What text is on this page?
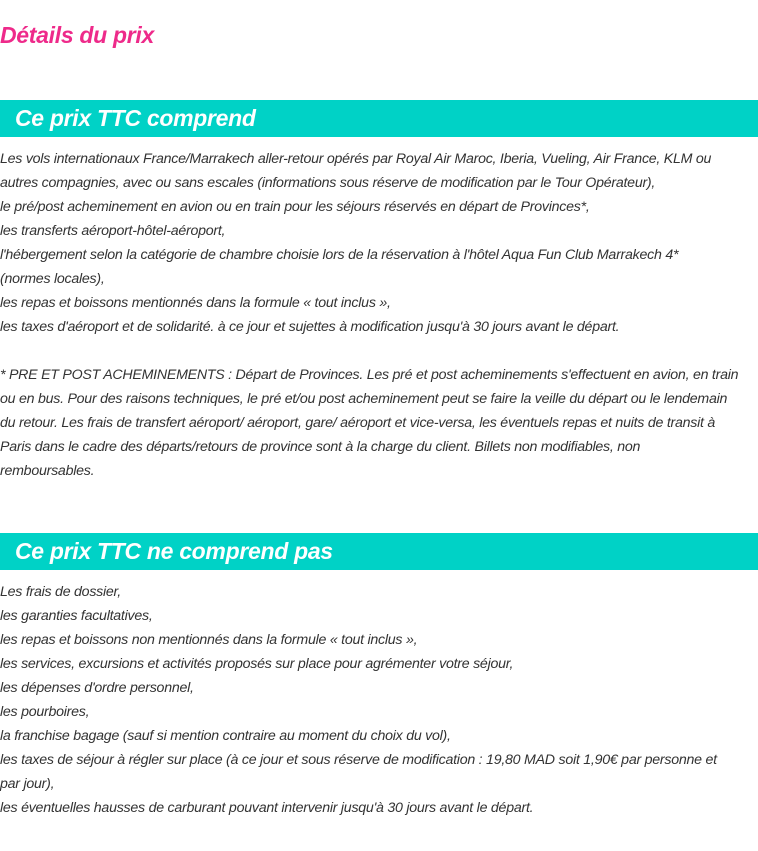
Détails du prix
Ce prix TTC comprend
Les vols internationaux France/Marrakech aller-retour opérés par Royal Air Maroc, Iberia, Vueling, Air France, KLM ou
autres compagnies, avec ou sans escales (informations sous réserve de modification par le Tour Opérateur),
le pré/post acheminement en avion ou en train pour les séjours réservés en départ de Provinces*,
les transferts aéroport-hôtel-aéroport,
l'hébergement selon la catégorie de chambre choisie lors de la réservation à l'hôtel Aqua Fun Club Marrakech 4*
(normes locales),
les repas et boissons mentionnés dans la formule « tout inclus »,
les taxes d'aéroport et de solidarité. à ce jour et sujettes à modification jusqu'à 30 jours avant le départ.
* PRE ET POST ACHEMINEMENTS : Départ de Provinces. Les pré et post acheminements s'effectuent en avion, en train
ou en bus. Pour des raisons techniques, le pré et/ou post acheminement peut se faire la veille du départ ou le lendemain
du retour. Les frais de transfert aéroport/ aéroport, gare/ aéroport et vice-versa, les éventuels repas et nuits de transit à
Paris dans le cadre des départs/retours de province sont à la charge du client. Billets non modifiables, non
remboursables.
Ce prix TTC ne comprend pas
Les frais de dossier,
les garanties facultatives,
les repas et boissons non mentionnés dans la formule « tout inclus »,
les services, excursions et activités proposés sur place pour agrémenter votre séjour,
les dépenses d'ordre personnel,
les pourboires,
la franchise bagage (sauf si mention contraire au moment du choix du vol),
les taxes de séjour à régler sur place (à ce jour et sous réserve de modification : 19,80 MAD soit 1,90€ par personne et
par jour),
les éventuelles hausses de carburant pouvant intervenir jusqu'à 30 jours avant le départ.
